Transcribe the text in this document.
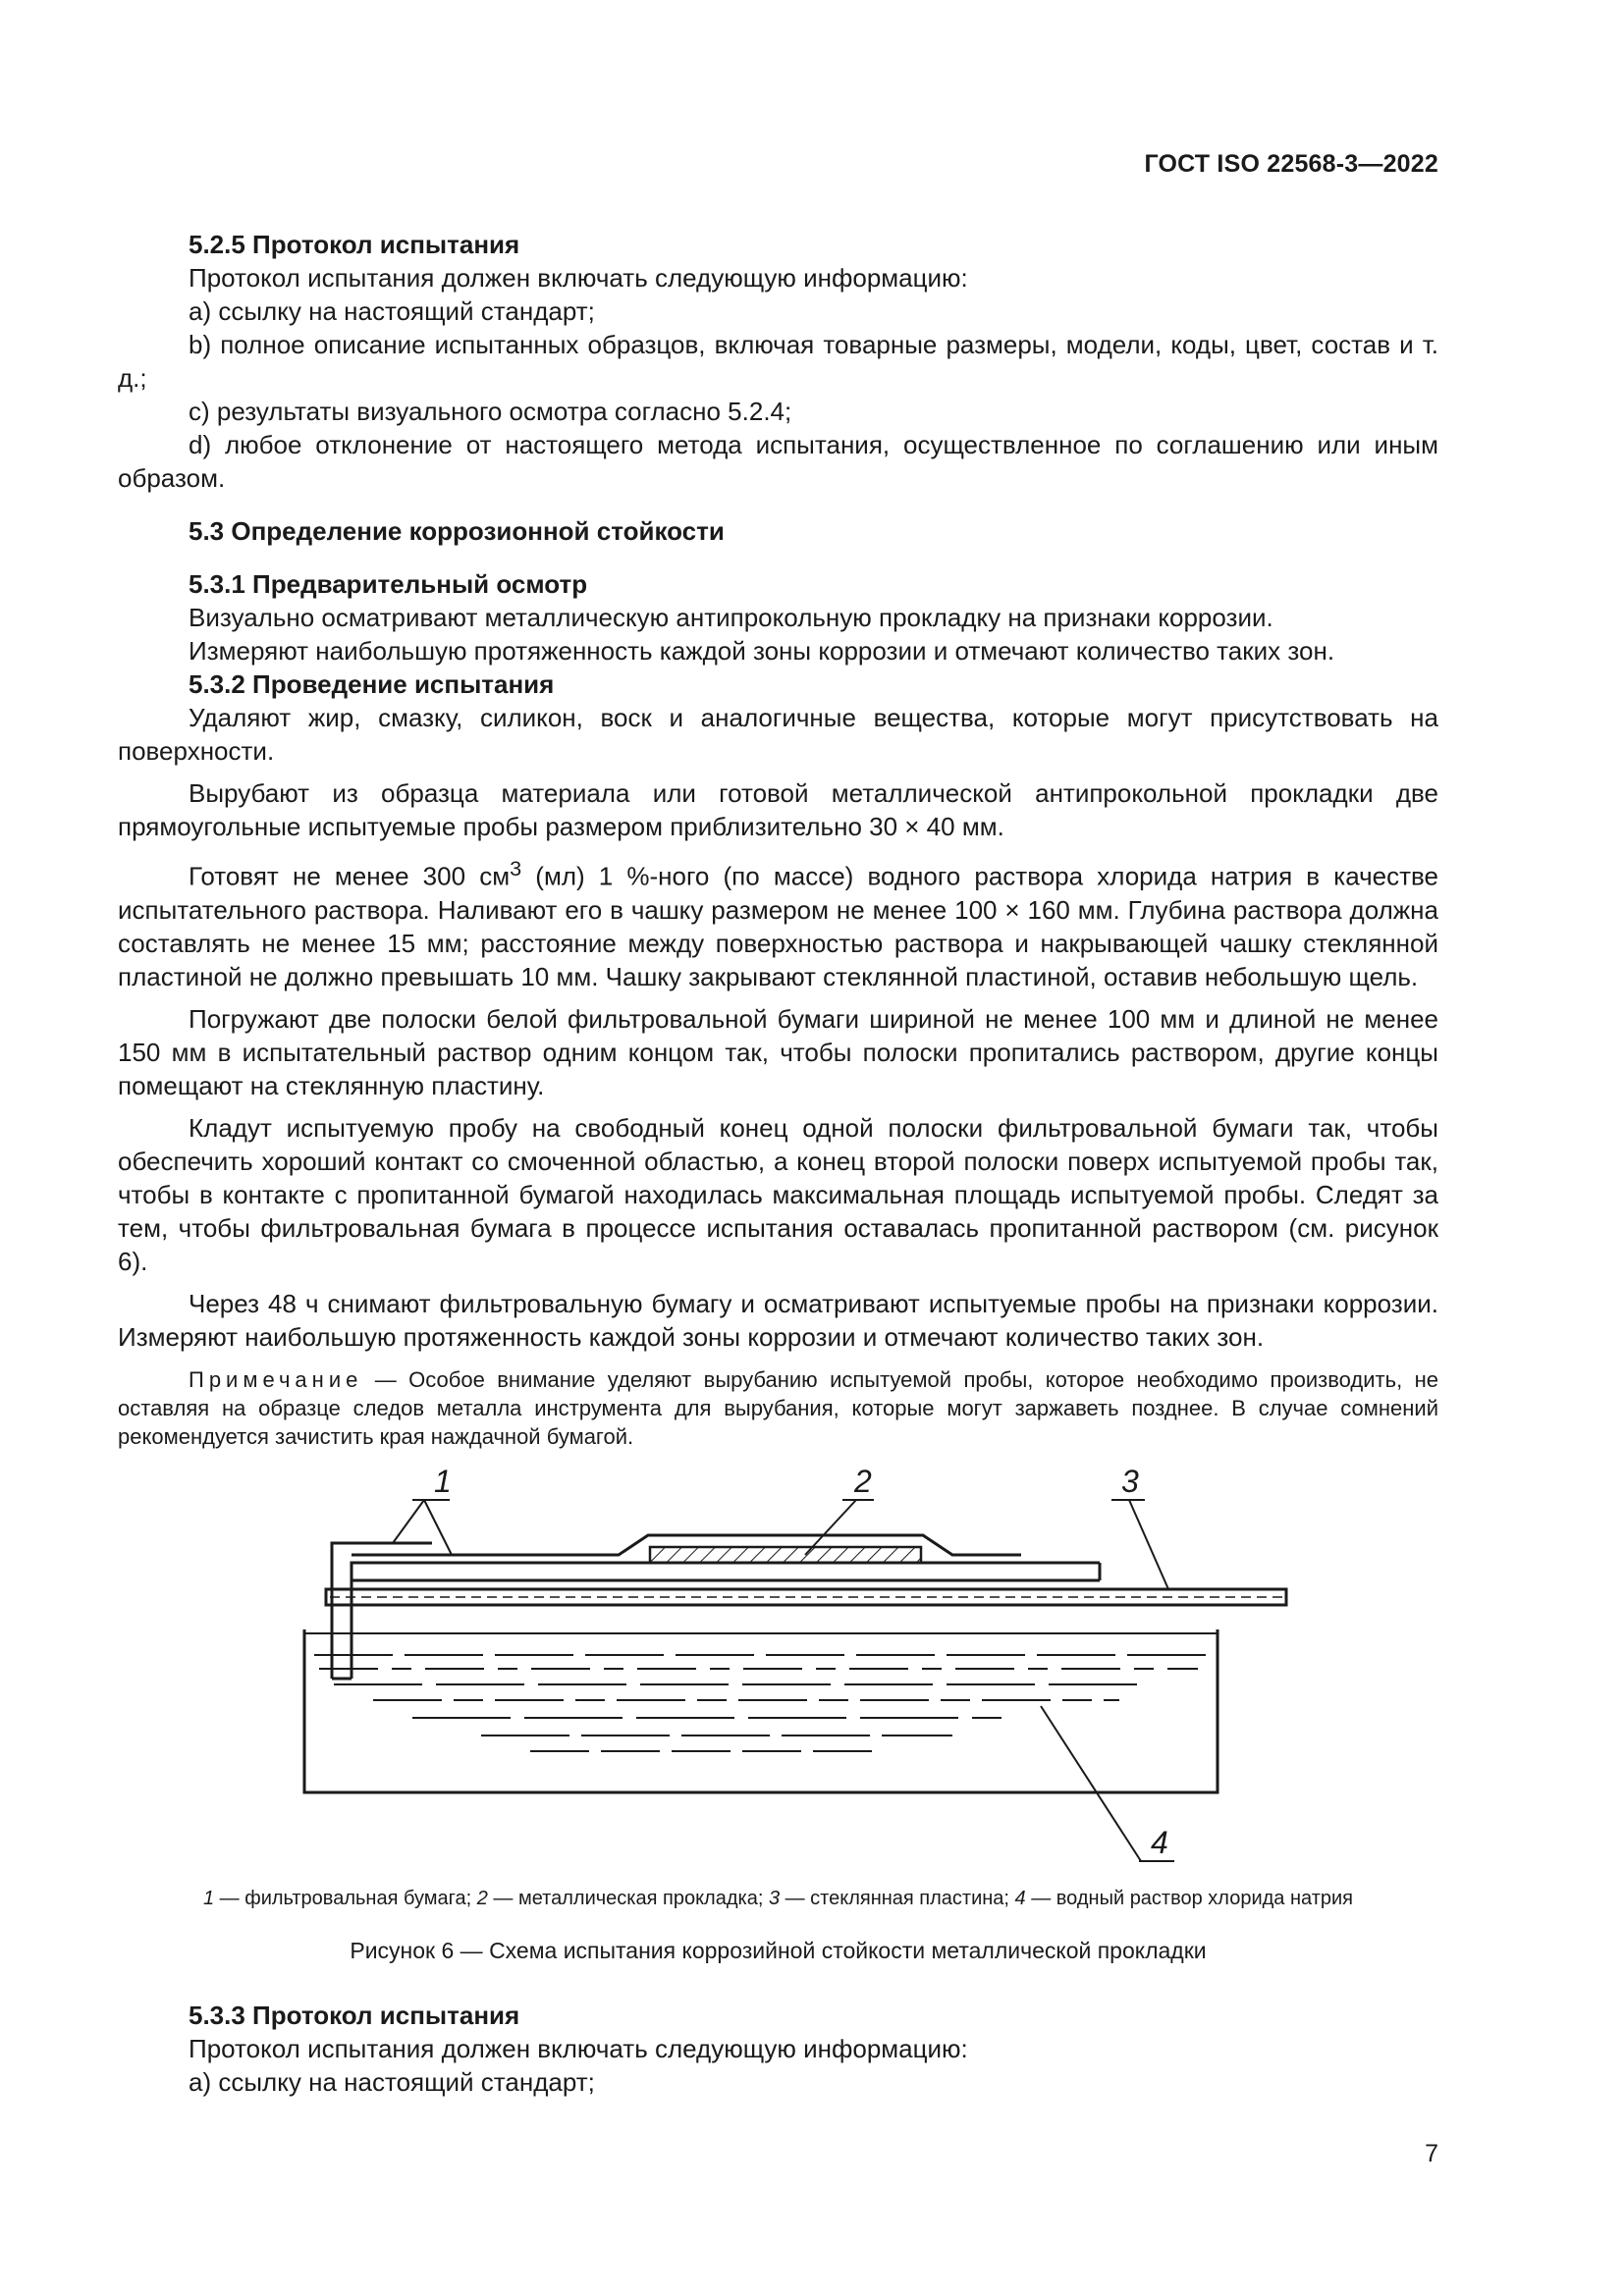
ГОСТ ISO 22568-3—2022
5.2.5 Протокол испытания

Протокол испытания должен включать следующую информацию:

a) ссылку на настоящий стандарт;

b) полное описание испытанных образцов, включая товарные размеры, модели, коды, цвет, состав и т. д.;

c) результаты визуального осмотра согласно 5.2.4;

d) любое отклонение от настоящего метода испытания, осуществленное по соглашению или иным образом.

5.3 Определение коррозионной стойкости
5.3.1 Предварительный осмотр

Визуально осматривают металлическую антипрокольную прокладку на признаки коррозии.

Измеряют наибольшую протяженность каждой зоны коррозии и отмечают количество таких зон.

5.3.2 Проведение испытания

Удаляют жир, смазку, силикон, воск и аналогичные вещества, которые могут присутствовать на поверхности.

Вырубают из образца материала или готовой металлической антипрокольной прокладки две прямоугольные испытуемые пробы размером приблизительно 30 × 40 мм.

Готовят не менее 300 $см^3$ (мл) 1 %-ного (по массе) водного раствора хлорида натрия в качестве испытательного раствора. Наливают его в чашку размером не менее 100 × 160 мм. Глубина раствора должна составлять не менее 15 мм; расстояние между поверхностью раствора и накрывающей чашку стеклянной пластиной не должно превышать 10 мм. Чашку закрывают стеклянной пластиной, оставив небольшую щель.

Погружают две полоски белой фильтровальной бумаги шириной не менее 100 мм и длиной не менее 150 мм в испытательный раствор одним концом так, чтобы полоски пропитались раствором, другие концы помещают на стеклянную пластину.

Кладут испытуемую пробу на свободный конец одной полоски фильтровальной бумаги так, чтобы обеспечить хороший контакт со смоченной областью, а конец второй полоски поверх испытуемой пробы так, чтобы в контакте с пропитанной бумагой находилась максимальная площадь испытуемой пробы. Следят за тем, чтобы фильтровальная бумага в процессе испытания оставалась пропитанной раствором (см. рисунок 6).

Через 48 ч снимают фильтровальную бумагу и осматривают испытуемые пробы на признаки коррозии. Измеряют наибольшую протяженность каждой зоны коррозии и отмечают количество таких зон.

Примечание — Особое внимание уделяют вырубанию испытуемой пробы, которое необходимо производить, не оставляя на образце следов металла инструмента для вырубания, которые могут заржаветь позднее. В случае сомнений рекомендуется зачистить края наждачной бумагой.

1	2	3
4
1 — фильтровальная бумага; 2 — металлическая прокладка; 3 — стеклянная пластина; 4 — водный раствор хлорида натрия
Рисунок 6 — Схема испытания коррозийной стойкости металлической прокладки
5.3.3 Протокол испытания

Протокол испытания должен включать следующую информацию:

a) ссылку на настоящий стандарт;

7
